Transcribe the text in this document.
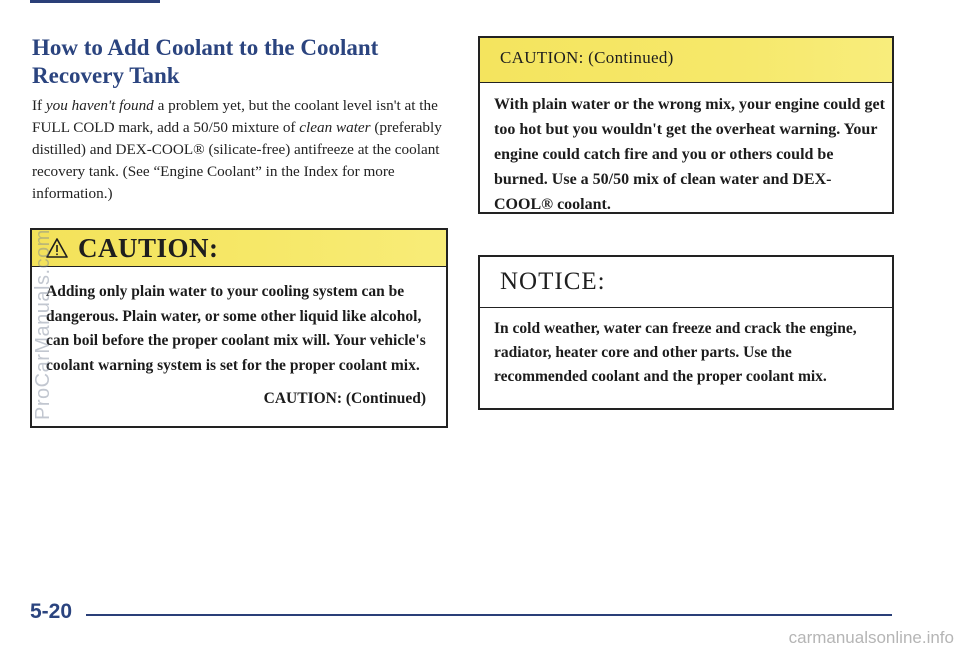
How to Add Coolant to the Coolant Recovery Tank

If you haven't found a problem yet, but the coolant level isn't at the FULL COLD mark, add a 50/50 mixture of clean water (preferably distilled) and DEX-COOL® (silicate-free) antifreeze at the coolant recovery tank. (See “Engine Coolant” in the Index for more information.)

CAUTION:
Adding only plain water to your cooling system can be dangerous. Plain water, or some other liquid like alcohol, can boil before the proper coolant mix will. Your vehicle's coolant warning system is set for the proper coolant mix.
CAUTION: (Continued)
CAUTION: (Continued)
With plain water or the wrong mix, your engine could get too hot but you wouldn't get the overheat warning. Your engine could catch fire and you or others could be burned. Use a 50/50 mix of clean water and DEX-COOL® coolant.
NOTICE:
In cold weather, water can freeze and crack the engine, radiator, heater core and other parts. Use the recommended coolant and the proper coolant mix.
5-20
ProCarManuals.com
carmanualsonline.info
